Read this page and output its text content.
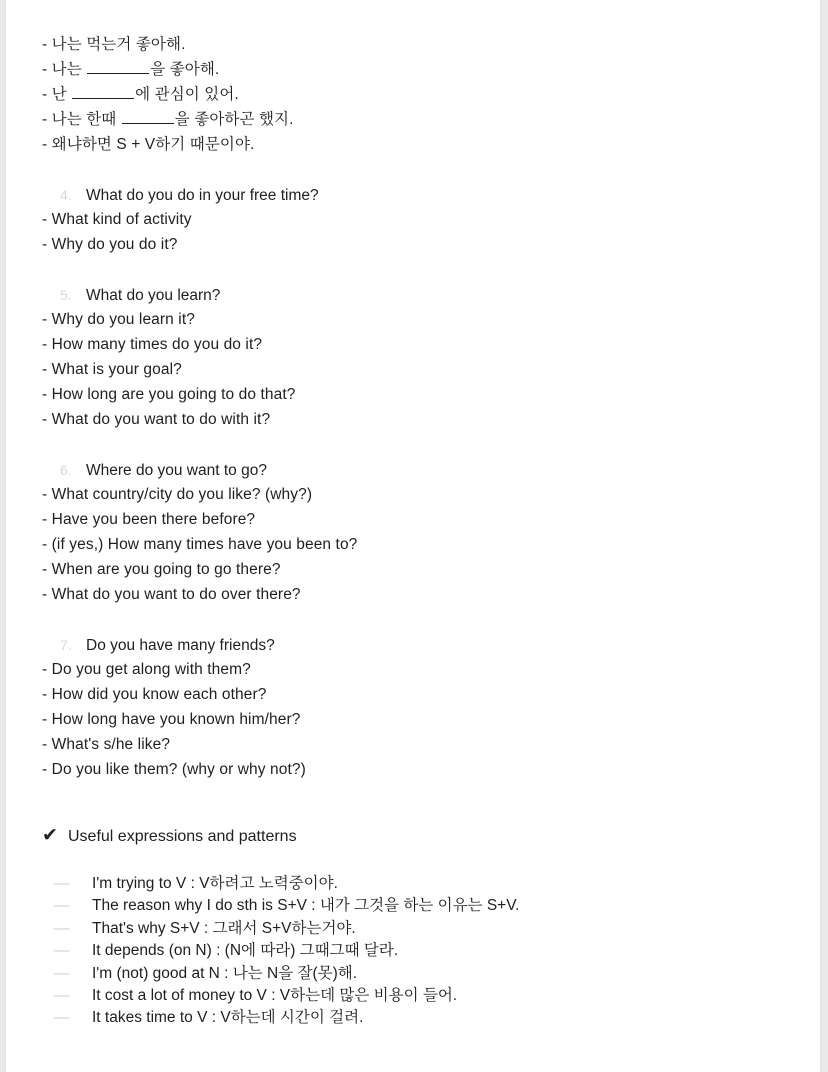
- 나는 먹는거 좋아해.
- 나는	을 좋아해.
- 난	에 관심이 있어.
- 나는 한때	을 좋아하곤 했지.
- 왜냐하면 S + V하기 때문이야.
4. What do you do in your free time?
- What kind of activity
- Why do you do it?
5. What do you learn?
- Why do you learn it?
- How many times do you do it?
- What is your goal?
- How long are you going to do that?
- What do you want to do with it?
6. Where do you want to go?
- What country/city do you like? (why?)
- Have you been there before?
- (if yes,) How many times have you been to?
- When are you going to go there?
- What do you want to do over there?
7. Do you have many friends?
- Do you get along with them?
- How did you know each other?
- How long have you known him/her?
- What's s/he like?
- Do you like them? (why or why not?)
✔ Useful expressions and patterns
— I'm trying to V : V하려고 노력중이야.
— The reason why I do sth is S+V : 내가 그것을 하는 이유는 S+V.
— That's why S+V : 그래서 S+V하는거야.
— It depends (on N) : (N에 따라) 그때그때 달라.
— I'm (not) good at N : 나는 N을 잘(못)해.
— It cost a lot of money to V : V하는데 많은 비용이 들어.
— It takes time to V : V하는데 시간이 걸려.
